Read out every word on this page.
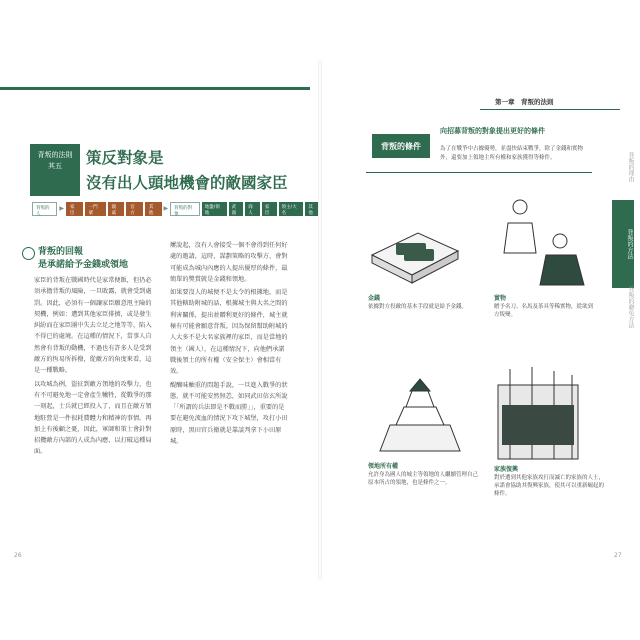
背叛的法則
其五	策反對象是
沒有出人頭地機會的敵國家臣
背叛的人
▶	家臣
一門眾
親戚
官方
其他
▶	背叛的對象
地盤/領地
武器
商人
家臣
領主/大名
其他
背叛的回報
是承諾給予金錢或領地

家臣的背叛在戰國時代是家常便飯，但仍必須承擔背叛的風險，一旦敗露，就會受到處罰。因此，必須有一個讓家臣願意甩主險的契機，例如：遭到其他家臣排擠，或是發生糾紛而在家臣團中失去立足之地等等，陷入不得已的處境。在這種的情況下，當事人自然會有背叛的動機，不過也有許多人是受到敵方的恆易所拆撥，從敵方的角度來看，這是一種戰略。

以攻城為例，盜征到敵方領地的攻擊力，也有不可避免地一定會產生犧牲，從戰爭的那一刻起，士兵就已經投入了，而且在敵方領地駐營是一件很耗費體力和精神的事情。再加上有後顧之憂，因此，軍師和策士會針對招攬敵方內部的人成為內應，以打破這種局面。

屢說起，沒有人會接受一個不會得到任何好處的邀請，這時，謀劃策略的攻擊方，會對可能成為城內內應的人提出優厚的條件，最簡單的獎賞就是金錢和領地。

如果要沒人的城便不是太令的根據地，而是其他轄助附城的話，根據城主與大名之間的利害關係，提出並贈利更好的條件，城主就極有可能會願意背叛。因為保留幫助附城的人大多不是大名家族裡的家臣，而是當地的領主（國人），在這種情況下，向他們承諾戰後領土的所有權（安全保主）會相當有效。

醍醐味軸重的問題手說，一旦進入戰爭的狀態，就不可能安然無恙，如同武田信玄所說「「所謂的兵法即是不戰而勝」」，重要的是要在避免流血的情況下攻下城堡，攻打小田原時，黑田官兵衛就是靠談判拿下小田原城。

26
第一章　背叛的法則
背叛的條件
向招募背叛的對象提出更好的條件
為了在戰爭中占據優勢，並盡快結束戰爭，除了金錢和實物外，還要加上領地主所有權和家族獲得等條件。
金錢
依據對方投敵的基本手段就是給予金錢。
實物
贈予名刀、名馬及茶具等稀實物，從欲到方叛變。
領地所有權
允許身為國人的城主等領地的人繼續管理自己原本所占的領地，也是條件之一。
家族復興
對於遭到其他家族攻打而滅亡的家族的人士，承諾會協助其復興家族，使其可以重新崛起的條件。
背叛的理由
背叛的方法
背叛的避免方法
27
